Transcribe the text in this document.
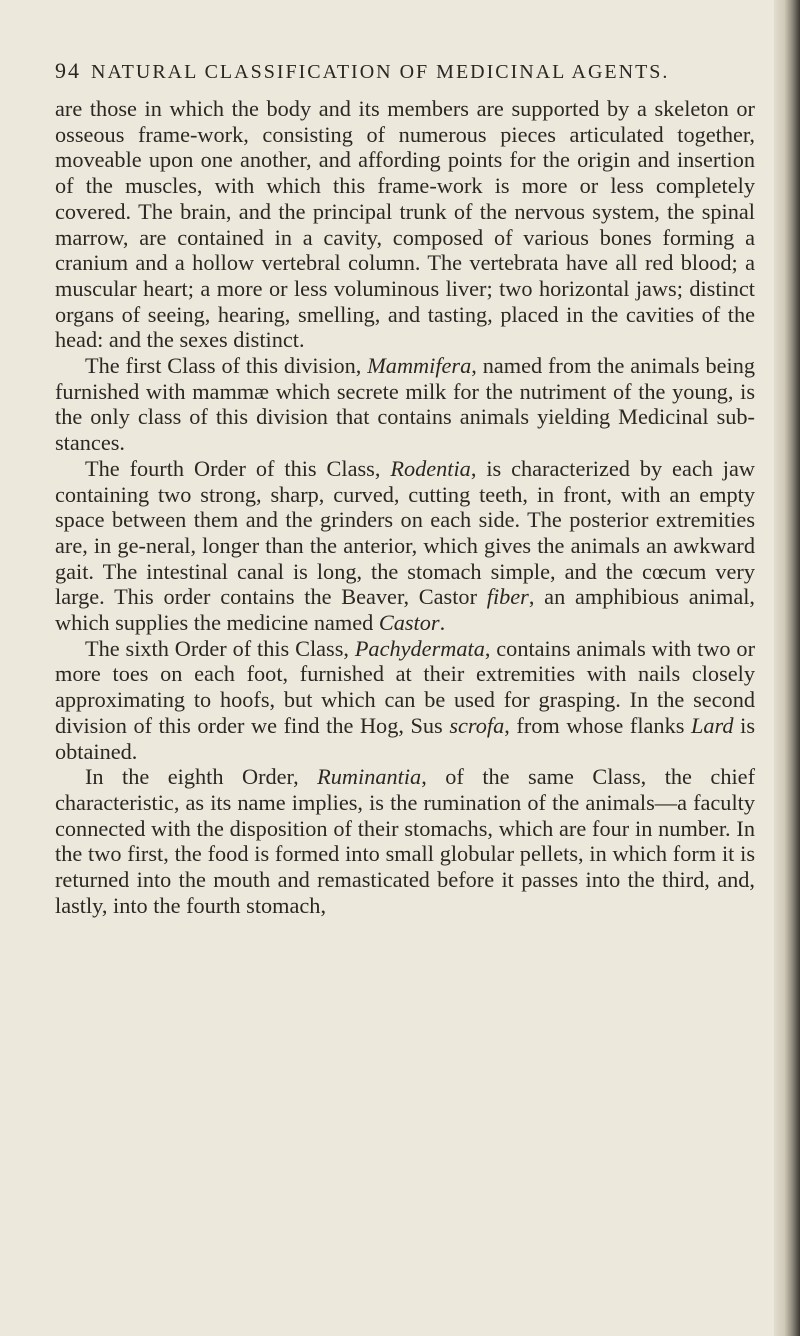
94 NATURAL CLASSIFICATION OF MEDICINAL AGENTS.

are those in which the body and its members are supported by a skeleton or osseous frame-work, consisting of numerous pieces articulated together, moveable upon one another, and affording points for the origin and insertion of the muscles, with which this frame-work is more or less completely covered. The brain, and the principal trunk of the nervous system, the spinal marrow, are contained in a cavity, composed of various bones forming a cranium and a hollow vertebral column. The vertebrata have all red blood; a muscular heart; a more or less voluminous liver; two horizontal jaws; distinct organs of seeing, hearing, smelling, and tasting, placed in the cavities of the head: and the sexes distinct.

The first Class of this division, Mammifera, named from the animals being furnished with mammæ which secrete milk for the nutriment of the young, is the only class of this division that contains animals yielding Medicinal sub-stances.

The fourth Order of this Class, Rodentia, is characterized by each jaw containing two strong, sharp, curved, cutting teeth, in front, with an empty space between them and the grinders on each side. The posterior extremities are, in ge-neral, longer than the anterior, which gives the animals an awkward gait. The intestinal canal is long, the stomach simple, and the cœcum very large. This order contains the Beaver, Castor fiber, an amphibious animal, which supplies the medicine named Castor.

The sixth Order of this Class, Pachydermata, contains animals with two or more toes on each foot, furnished at their extremities with nails closely approximating to hoofs, but which can be used for grasping. In the second division of this order we find the Hog, Sus scrofa, from whose flanks Lard is obtained.

In the eighth Order, Ruminantia, of the same Class, the chief characteristic, as its name implies, is the rumination of the animals—a faculty connected with the disposition of their stomachs, which are four in number. In the two first, the food is formed into small globular pellets, in which form it is returned into the mouth and remasticated before it passes into the third, and, lastly, into the fourth stomach,
